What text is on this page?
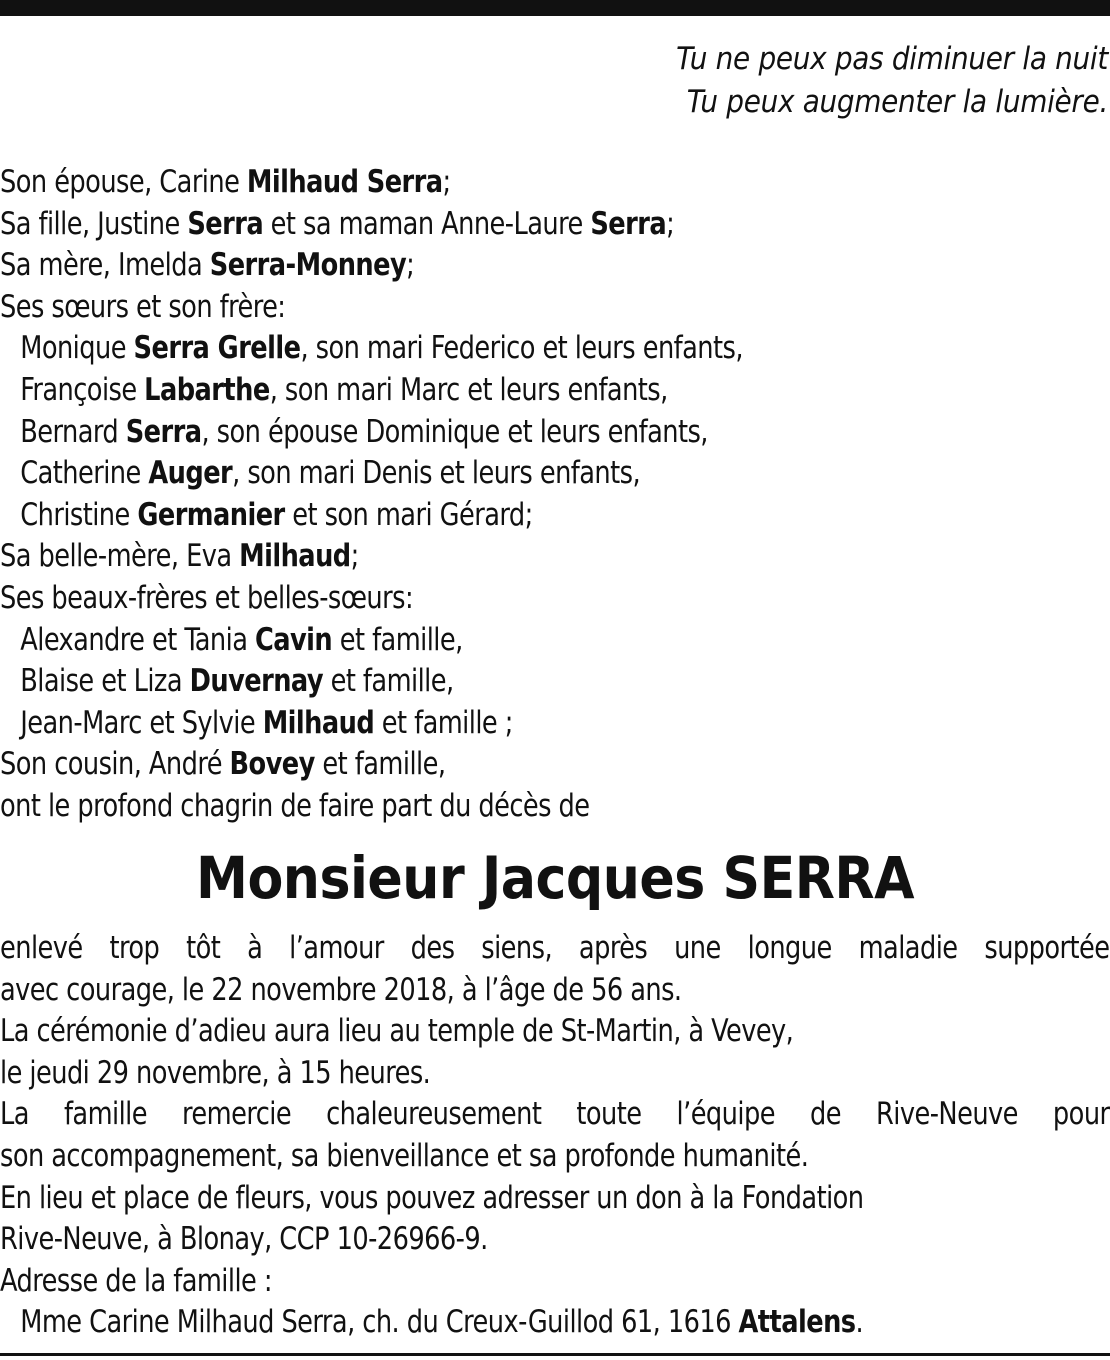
Tu ne peux pas diminuer la nuit
Tu peux augmenter la lumière.
Son épouse, Carine Milhaud Serra;
Sa fille, Justine Serra et sa maman Anne-Laure Serra;
Sa mère, Imelda Serra-Monney;
Ses sœurs et son frère:
Monique Serra Grelle, son mari Federico et leurs enfants,
Françoise Labarthe, son mari Marc et leurs enfants,
Bernard Serra, son épouse Dominique et leurs enfants,
Catherine Auger, son mari Denis et leurs enfants,
Christine Germanier et son mari Gérard;
Sa belle-mère, Eva Milhaud;
Ses beaux-frères et belles-sœurs:
Alexandre et Tania Cavin et famille,
Blaise et Liza Duvernay et famille,
Jean-Marc et Sylvie Milhaud et famille ;
Son cousin, André Bovey et famille,
ont le profond chagrin de faire part du décès de
Monsieur Jacques SERRA
enlevé trop tôt à l’amour des siens, après une longue maladie supportée
avec courage, le 22 novembre 2018, à l’âge de 56 ans.
La cérémonie d’adieu aura lieu au temple de St-Martin, à Vevey,
le jeudi 29 novembre, à 15 heures.
La famille remercie chaleureusement toute l’équipe de Rive-Neuve pour
son accompagnement, sa bienveillance et sa profonde humanité.
En lieu et place de fleurs, vous pouvez adresser un don à la Fondation
Rive-Neuve, à Blonay, CCP 10-26966-9.
Adresse de la famille :
Mme Carine Milhaud Serra, ch. du Creux-Guillod 61, 1616 Attalens.
